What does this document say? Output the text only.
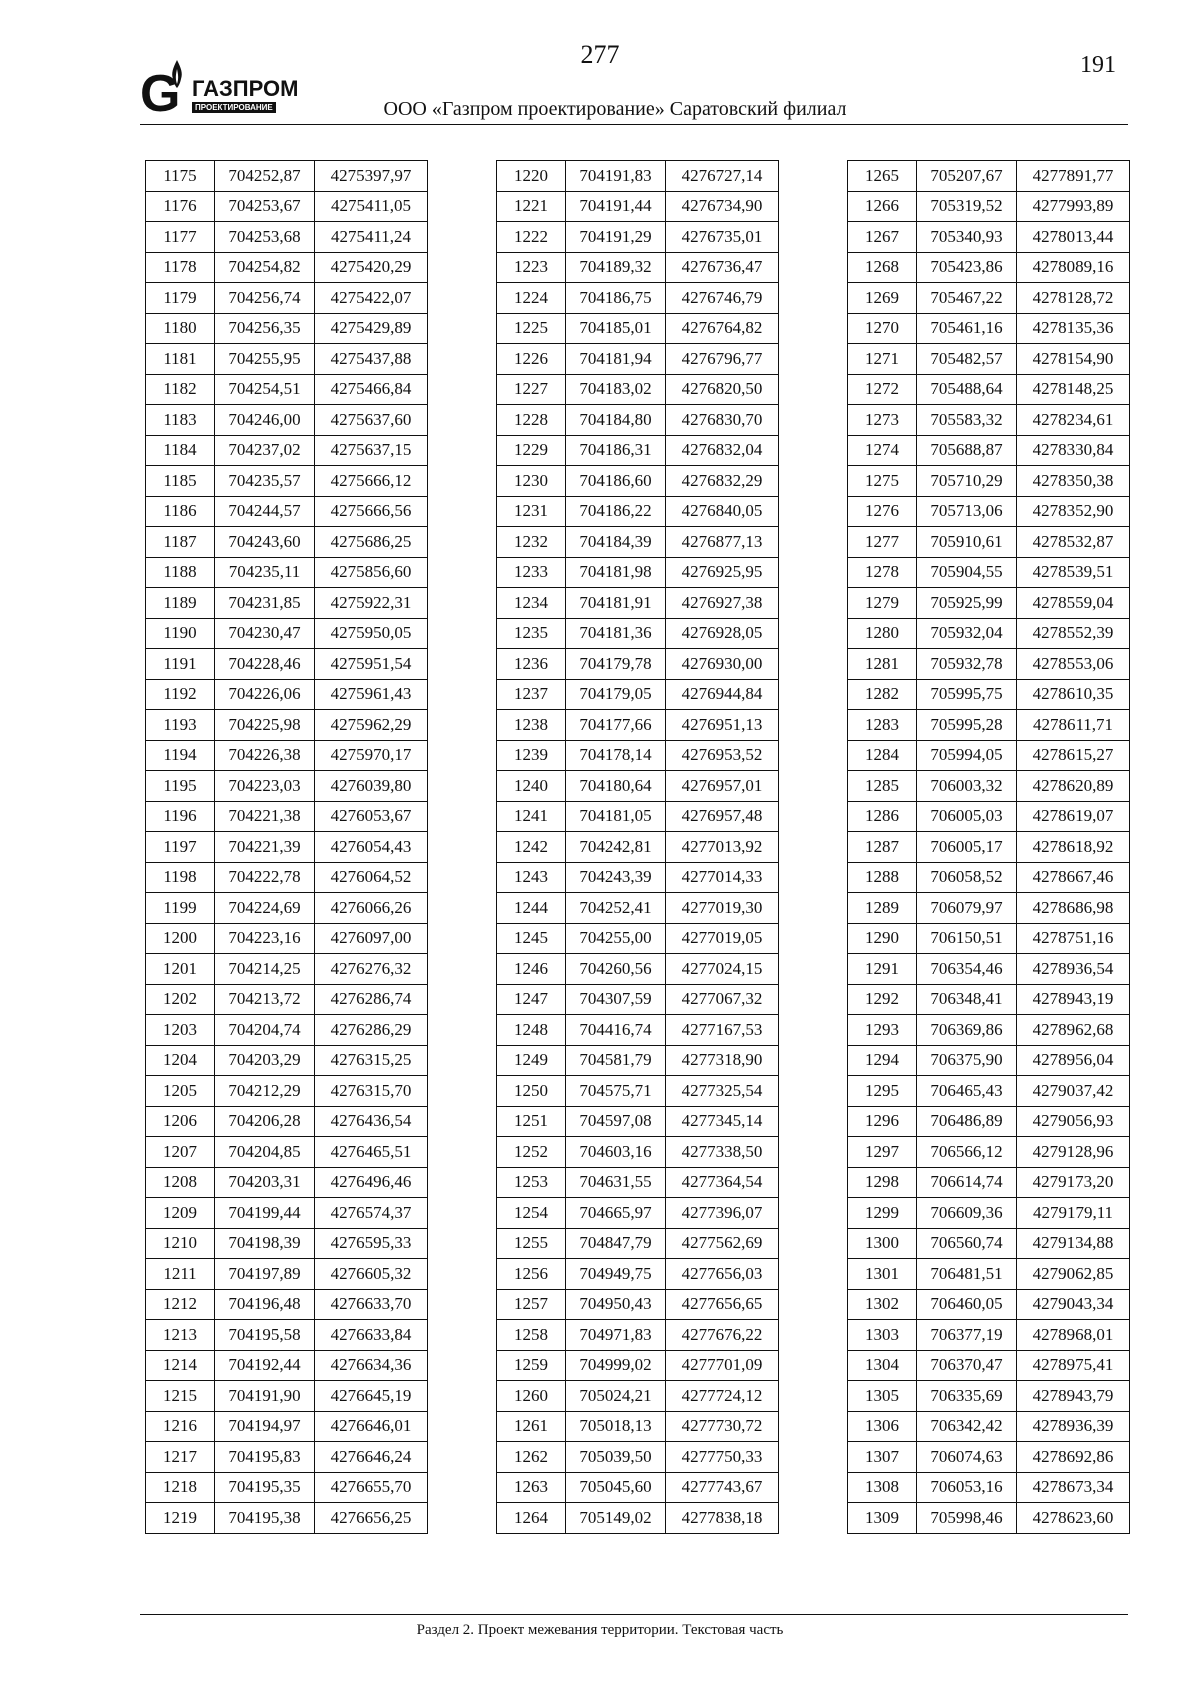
277	191
G ГАЗПРОМ
ПРОЕКТИРОВАНИЕ	ООО «Газпром проектирование» Саратовский филиал
1175	704252,87	4275397,97
1176	704253,67	4275411,05
1177	704253,68	4275411,24
1178	704254,82	4275420,29
1179	704256,74	4275422,07
1180	704256,35	4275429,89
1181	704255,95	4275437,88
1182	704254,51	4275466,84
1183	704246,00	4275637,60
1184	704237,02	4275637,15
1185	704235,57	4275666,12
1186	704244,57	4275666,56
1187	704243,60	4275686,25
1188	704235,11	4275856,60
1189	704231,85	4275922,31
1190	704230,47	4275950,05
1191	704228,46	4275951,54
1192	704226,06	4275961,43
1193	704225,98	4275962,29
1194	704226,38	4275970,17
1195	704223,03	4276039,80
1196	704221,38	4276053,67
1197	704221,39	4276054,43
1198	704222,78	4276064,52
1199	704224,69	4276066,26
1200	704223,16	4276097,00
1201	704214,25	4276276,32
1202	704213,72	4276286,74
1203	704204,74	4276286,29
1204	704203,29	4276315,25
1205	704212,29	4276315,70
1206	704206,28	4276436,54
1207	704204,85	4276465,51
1208	704203,31	4276496,46
1209	704199,44	4276574,37
1210	704198,39	4276595,33
1211	704197,89	4276605,32
1212	704196,48	4276633,70
1213	704195,58	4276633,84
1214	704192,44	4276634,36
1215	704191,90	4276645,19
1216	704194,97	4276646,01
1217	704195,83	4276646,24
1218	704195,35	4276655,70
1219	704195,38	4276656,25
1220	704191,83	4276727,14
1221	704191,44	4276734,90
1222	704191,29	4276735,01
1223	704189,32	4276736,47
1224	704186,75	4276746,79
1225	704185,01	4276764,82
1226	704181,94	4276796,77
1227	704183,02	4276820,50
1228	704184,80	4276830,70
1229	704186,31	4276832,04
1230	704186,60	4276832,29
1231	704186,22	4276840,05
1232	704184,39	4276877,13
1233	704181,98	4276925,95
1234	704181,91	4276927,38
1235	704181,36	4276928,05
1236	704179,78	4276930,00
1237	704179,05	4276944,84
1238	704177,66	4276951,13
1239	704178,14	4276953,52
1240	704180,64	4276957,01
1241	704181,05	4276957,48
1242	704242,81	4277013,92
1243	704243,39	4277014,33
1244	704252,41	4277019,30
1245	704255,00	4277019,05
1246	704260,56	4277024,15
1247	704307,59	4277067,32
1248	704416,74	4277167,53
1249	704581,79	4277318,90
1250	704575,71	4277325,54
1251	704597,08	4277345,14
1252	704603,16	4277338,50
1253	704631,55	4277364,54
1254	704665,97	4277396,07
1255	704847,79	4277562,69
1256	704949,75	4277656,03
1257	704950,43	4277656,65
1258	704971,83	4277676,22
1259	704999,02	4277701,09
1260	705024,21	4277724,12
1261	705018,13	4277730,72
1262	705039,50	4277750,33
1263	705045,60	4277743,67
1264	705149,02	4277838,18
1265	705207,67	4277891,77
1266	705319,52	4277993,89
1267	705340,93	4278013,44
1268	705423,86	4278089,16
1269	705467,22	4278128,72
1270	705461,16	4278135,36
1271	705482,57	4278154,90
1272	705488,64	4278148,25
1273	705583,32	4278234,61
1274	705688,87	4278330,84
1275	705710,29	4278350,38
1276	705713,06	4278352,90
1277	705910,61	4278532,87
1278	705904,55	4278539,51
1279	705925,99	4278559,04
1280	705932,04	4278552,39
1281	705932,78	4278553,06
1282	705995,75	4278610,35
1283	705995,28	4278611,71
1284	705994,05	4278615,27
1285	706003,32	4278620,89
1286	706005,03	4278619,07
1287	706005,17	4278618,92
1288	706058,52	4278667,46
1289	706079,97	4278686,98
1290	706150,51	4278751,16
1291	706354,46	4278936,54
1292	706348,41	4278943,19
1293	706369,86	4278962,68
1294	706375,90	4278956,04
1295	706465,43	4279037,42
1296	706486,89	4279056,93
1297	706566,12	4279128,96
1298	706614,74	4279173,20
1299	706609,36	4279179,11
1300	706560,74	4279134,88
1301	706481,51	4279062,85
1302	706460,05	4279043,34
1303	706377,19	4278968,01
1304	706370,47	4278975,41
1305	706335,69	4278943,79
1306	706342,42	4278936,39
1307	706074,63	4278692,86
1308	706053,16	4278673,34
1309	705998,46	4278623,60
Раздел 2. Проект межевания территории. Текстовая часть
